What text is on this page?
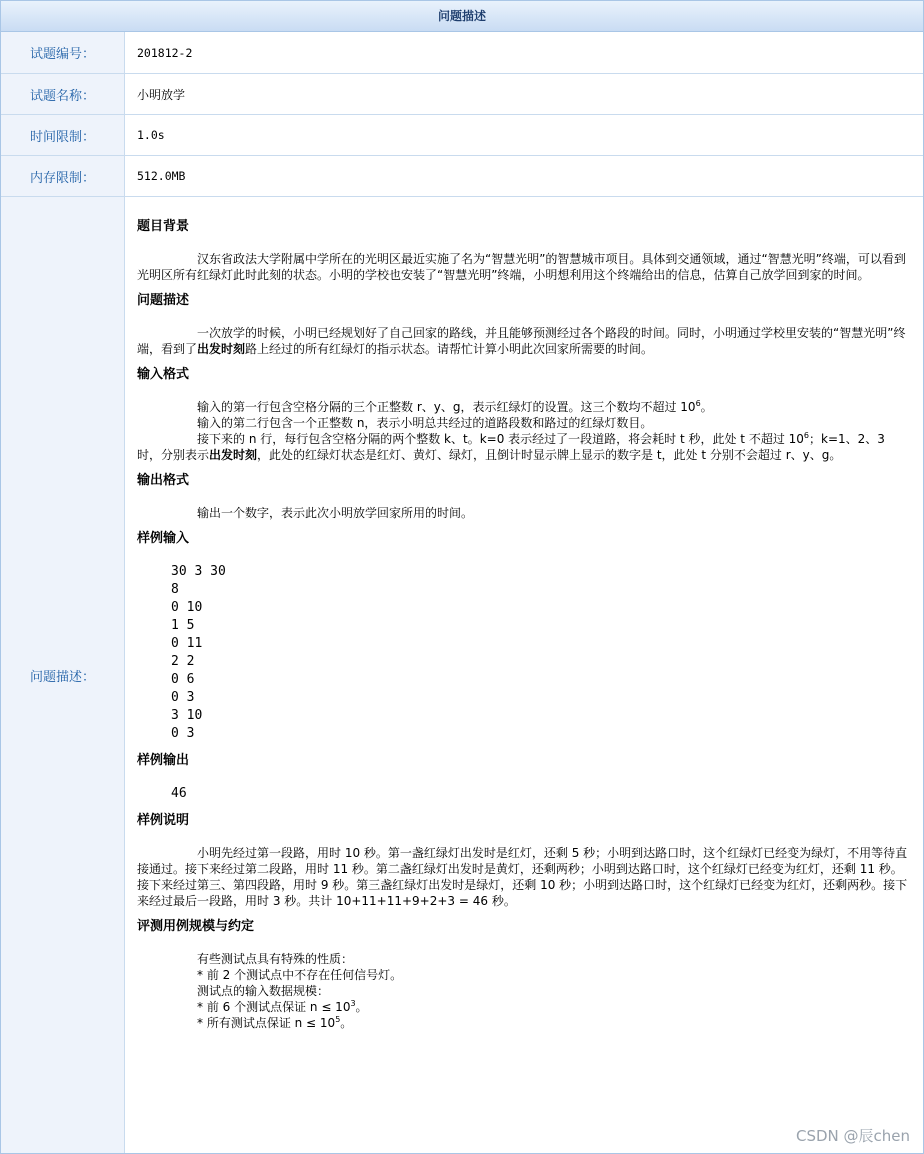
问题描述
试题编号：	201812-2
试题名称：	小明放学
时间限制：	1.0s
内存限制：	512.0MB
问题描述：
题目背景

汉东省政法大学附属中学所在的光明区最近实施了名为“智慧光明”的智慧城市项目。具体到交通领域，通过“智慧光明”终端，可以看到光明区所有红绿灯此时此刻的状态。小明的学校也安装了“智慧光明”终端，小明想利用这个终端给出的信息，估算自己放学回到家的时间。

问题描述

一次放学的时候，小明已经规划好了自己回家的路线，并且能够预测经过各个路段的时间。同时，小明通过学校里安装的“智慧光明”终端，看到了出发时刻路上经过的所有红绿灯的指示状态。请帮忙计算小明此次回家所需要的时间。

输入格式
输入的第一行包含空格分隔的三个正整数 r、y、g，表示红绿灯的设置。这三个数均不超过 $10^6$。
输入的第二行包含一个正整数 n，表示小明总共经过的道路段数和路过的红绿灯数目。
接下来的 n 行，每行包含空格分隔的两个整数 k、t。k=0 表示经过了一段道路，将会耗时 t 秒，此处 t 不超过 $10^6$；k=1、2、3 时，分别表示出发时刻，此处的红绿灯状态是红灯、黄灯、绿灯，且倒计时显示牌上显示的数字是 t，此处 t 分别不会超过 r、y、g。
输出格式

输出一个数字，表示此次小明放学回家所用的时间。

样例输入
30 3 30
8
0 10
1 5
0 11
2 2
0 6
0 3
3 10
0 3
样例输出
46
样例说明

小明先经过第一段路，用时 10 秒。第一盏红绿灯出发时是红灯，还剩 5 秒；小明到达路口时，这个红绿灯已经变为绿灯，不用等待直接通过。接下来经过第二段路，用时 11 秒。第二盏红绿灯出发时是黄灯，还剩两秒；小明到达路口时，这个红绿灯已经变为红灯，还剩 11 秒。接下来经过第三、第四段路，用时 9 秒。第三盏红绿灯出发时是绿灯，还剩 10 秒；小明到达路口时，这个红绿灯已经变为红灯，还剩两秒。接下来经过最后一段路，用时 3 秒。共计 10+11+11+9+2+3 = 46 秒。

评测用例规模与约定
有些测试点具有特殊的性质：
* 前 2 个测试点中不存在任何信号灯。
测试点的输入数据规模：
* 前 6 个测试点保证 $n \le 10^3$。
* 所有测试点保证 $n \le 10^5$。
CSDN @辰chen
